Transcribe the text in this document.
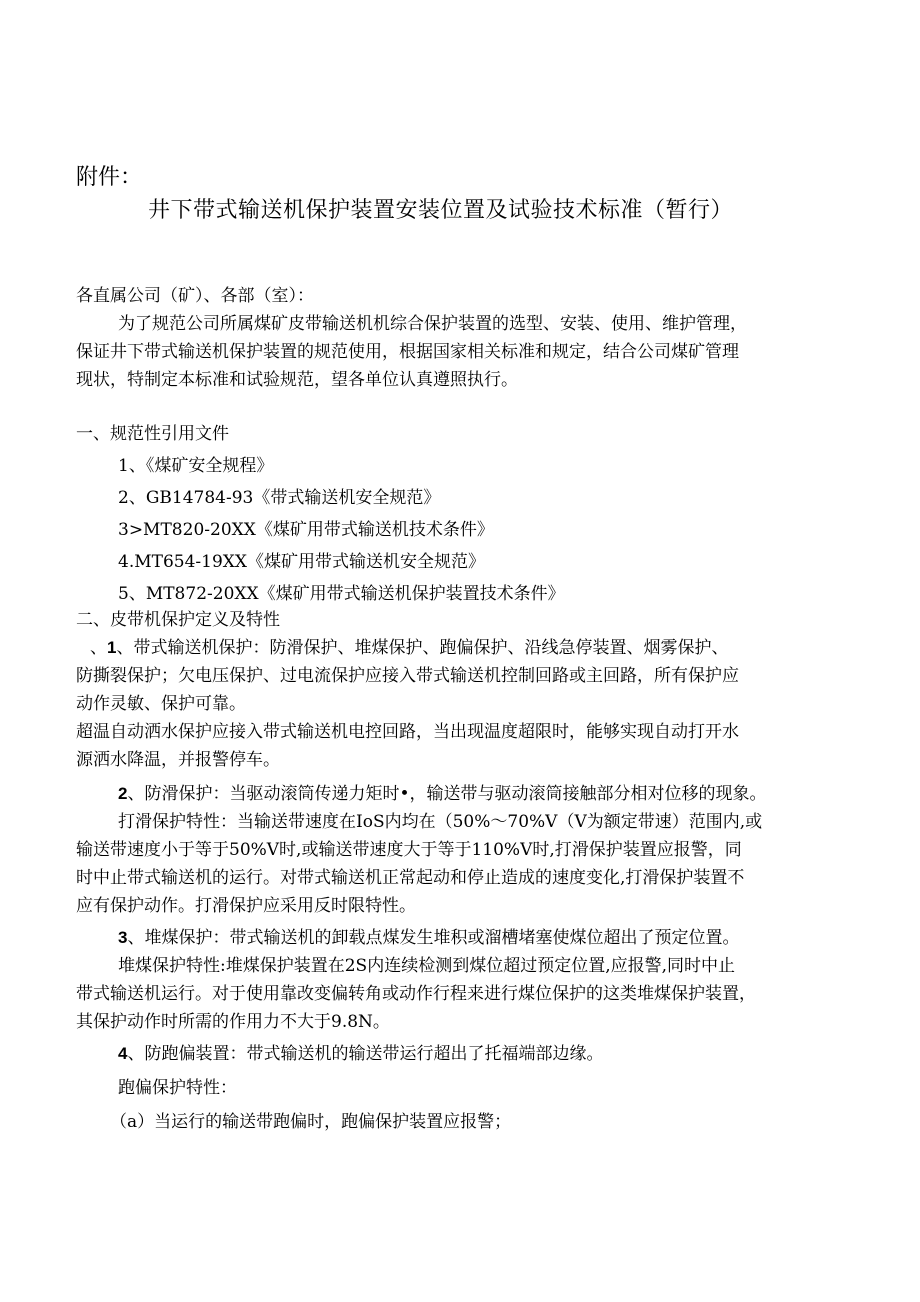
附件：
井下带式输送机保护装置安装位置及试验技术标准（暂行）
各直属公司（矿）、各部（室）：
为了规范公司所属煤矿皮带输送机机综合保护装置的选型、安装、使用、维护管理，
保证井下带式输送机保护装置的规范使用，根据国家相关标准和规定，结合公司煤矿管理
现状，特制定本标准和试验规范，望各单位认真遵照执行。
一、规范性引用文件
1、《煤矿安全规程》
2、GB14784-93《带式输送机安全规范》
3>MT820-20XX《煤矿用带式输送机技术条件》
4.MT654-19XX《煤矿用带式输送机安全规范》
5、MT872-20XX《煤矿用带式输送机保护装置技术条件》
二、皮带机保护定义及特性
、1、带式输送机保护：防滑保护、堆煤保护、跑偏保护、沿线急停装置、烟雾保护、
防撕裂保护；欠电压保护、过电流保护应接入带式输送机控制回路或主回路，所有保护应
动作灵敏、保护可靠。
超温自动洒水保护应接入带式输送机电控回路，当出现温度超限时，能够实现自动打开水
源洒水降温，并报警停车。
2、防滑保护：当驱动滚筒传递力矩时•，输送带与驱动滚筒接触部分相对位移的现象。
打滑保护特性：当输送带速度在IoS内均在（50%～70%V（V为额定带速）范围内,或
输送带速度小于等于50%V时,或输送带速度大于等于110%V时,打滑保护装置应报警，同
时中止带式输送机的运行。对带式输送机正常起动和停止造成的速度变化,打滑保护装置不
应有保护动作。打滑保护应采用反时限特性。
3、堆煤保护：带式输送机的卸载点煤发生堆积或溜槽堵塞使煤位超出了预定位置。
堆煤保护特性:堆煤保护装置在2S内连续检测到煤位超过预定位置,应报警,同时中止
带式输送机运行。对于使用靠改变偏转角或动作行程来进行煤位保护的这类堆煤保护装置，
其保护动作时所需的作用力不大于9.8N。
4、防跑偏装置：带式输送机的输送带运行超出了托福端部边缘。
跑偏保护特性：
（a）当运行的输送带跑偏时，跑偏保护装置应报警；
